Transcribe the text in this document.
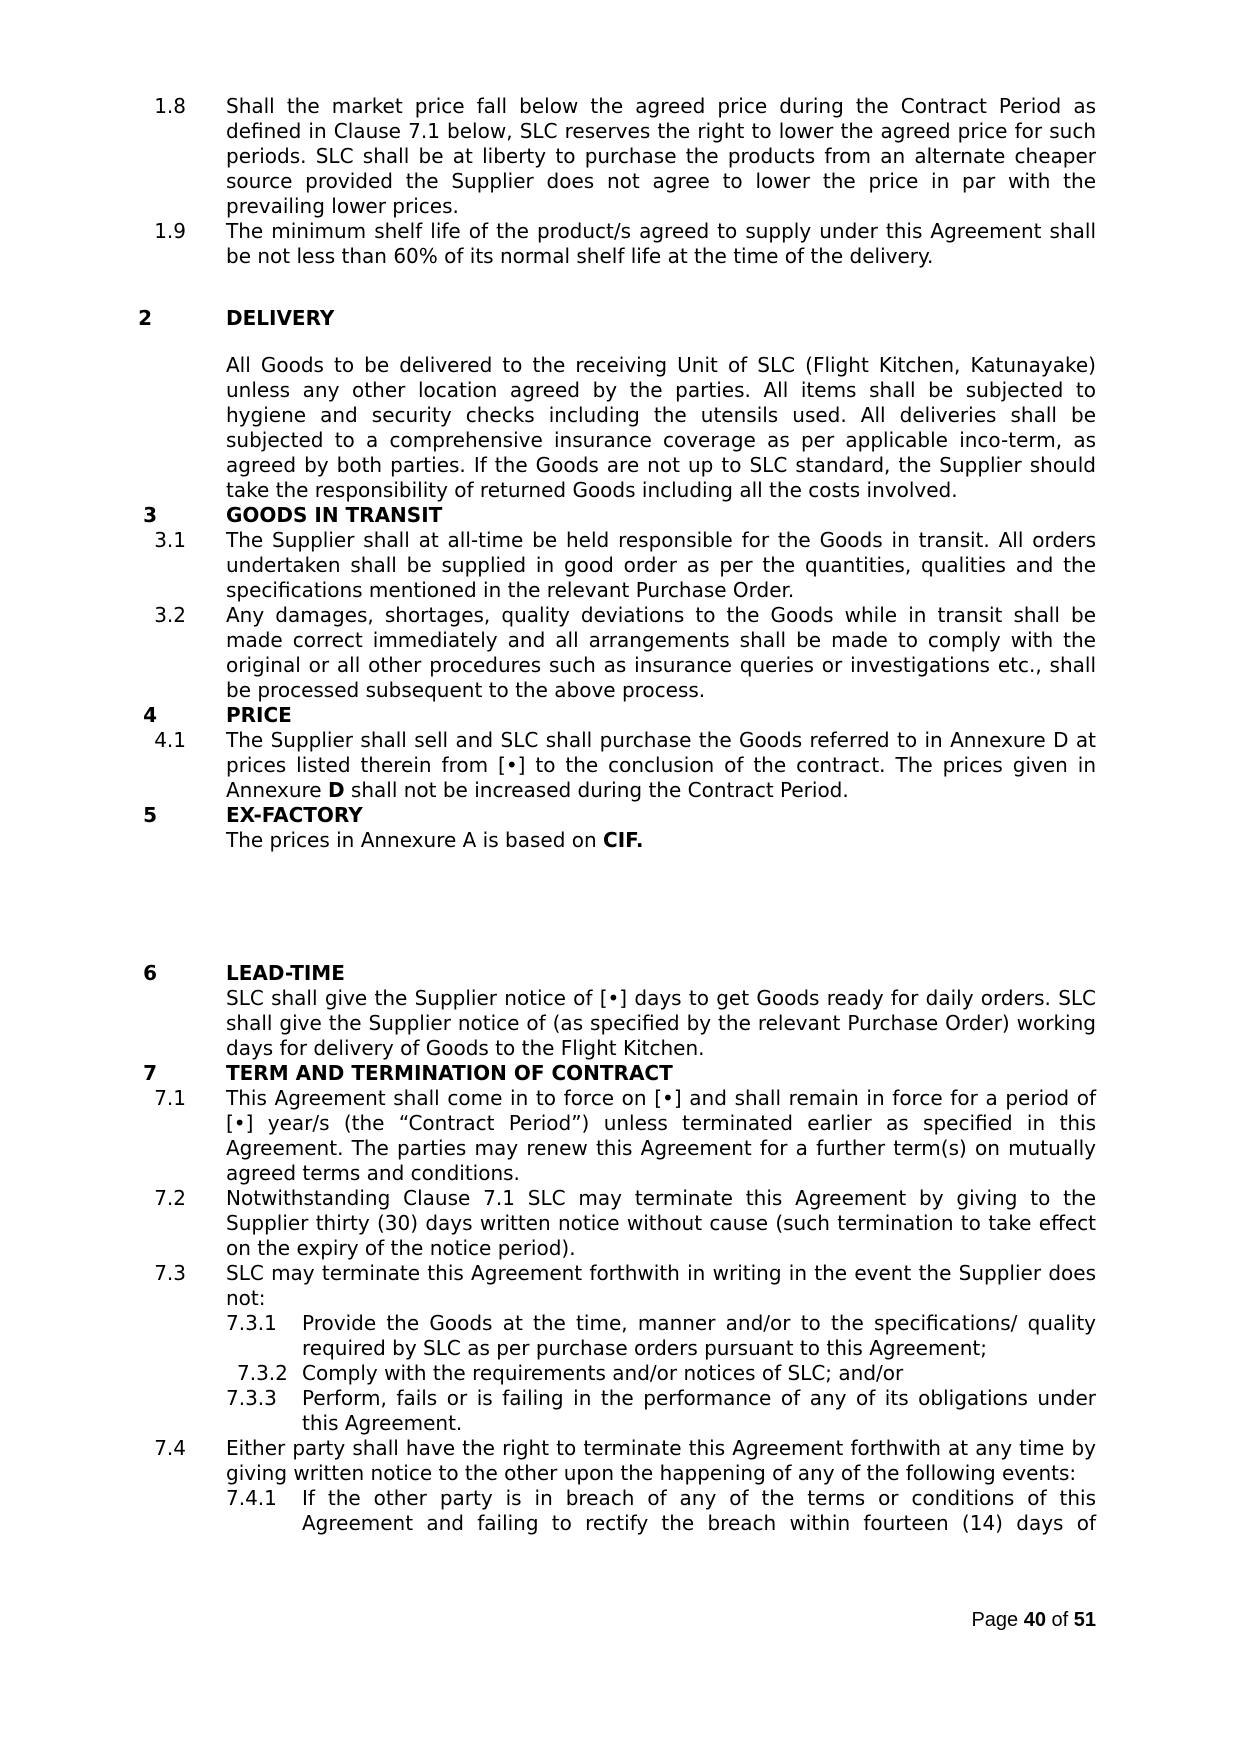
1.8	Shall the market price fall below the agreed price during the Contract Period as defined in Clause 7.1 below, SLC reserves the right to lower the agreed price for such periods. SLC shall be at liberty to purchase the products from an alternate cheaper source provided the Supplier does not agree to lower the price in par with the prevailing lower prices.
1.9	The minimum shelf life of the product/s agreed to supply under this Agreement shall be not less than 60% of its normal shelf life at the time of the delivery.
2	DELIVERY
All Goods to be delivered to the receiving Unit of SLC (Flight Kitchen, Katunayake) unless any other location agreed by the parties. All items shall be subjected to hygiene and security checks including the utensils used. All deliveries shall be subjected to a comprehensive insurance coverage as per applicable inco-term, as agreed by both parties. If the Goods are not up to SLC standard, the Supplier should take the responsibility of returned Goods including all the costs involved.
3	GOODS IN TRANSIT
3.1	The Supplier shall at all-time be held responsible for the Goods in transit. All orders undertaken shall be supplied in good order as per the quantities, qualities and the specifications mentioned in the relevant Purchase Order.
3.2	Any damages, shortages, quality deviations to the Goods while in transit shall be made correct immediately and all arrangements shall be made to comply with the original or all other procedures such as insurance queries or investigations etc., shall be processed subsequent to the above process.
4	PRICE
4.1	The Supplier shall sell and SLC shall purchase the Goods referred to in Annexure D at prices listed therein from [•] to the conclusion of the contract. The prices given in Annexure D shall not be increased during the Contract Period.
5	EX-FACTORY
The prices in Annexure A is based on CIF.
6	LEAD-TIME
SLC shall give the Supplier notice of [•] days to get Goods ready for daily orders. SLC shall give the Supplier notice of (as specified by the relevant Purchase Order) working days for delivery of Goods to the Flight Kitchen.
7	TERM AND TERMINATION OF CONTRACT
7.1	This Agreement shall come in to force on [•] and shall remain in force for a period of [•] year/s (the “Contract Period”) unless terminated earlier as specified in this Agreement. The parties may renew this Agreement for a further term(s) on mutually agreed terms and conditions.
7.2	Notwithstanding Clause 7.1 SLC may terminate this Agreement by giving to the Supplier thirty (30) days written notice without cause (such termination to take effect on the expiry of the notice period).
7.3	SLC may terminate this Agreement forthwith in writing in the event the Supplier does not:
7.3.1	Provide the Goods at the time, manner and/or to the specifications/ quality required by SLC as per purchase orders pursuant to this Agreement;
7.3.2 Comply with the requirements and/or notices of SLC; and/or
7.3.3	Perform, fails or is failing in the performance of any of its obligations under this Agreement.
7.4	Either party shall have the right to terminate this Agreement forthwith at any time by giving written notice to the other upon the happening of any of the following events:
7.4.1	If the other party is in breach of any of the terms or conditions of this Agreement and failing to rectify the breach within fourteen (14) days of
Page 40 of 51
